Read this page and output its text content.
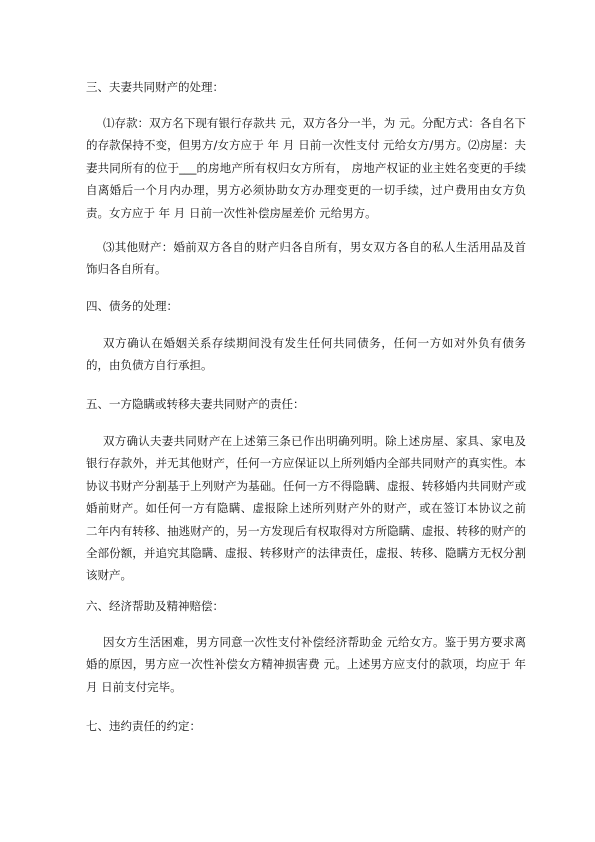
三、夫妻共同财产的处理：
⑴存款：双方名下现有银行存款共 元，双方各分一半，为 元。分配方式：各自名下的存款保持不变，但男方/女方应于 年 月 日前一次性支付 元给女方/男方。⑵房屋：夫妻共同所有的位于___的房地产所有权归女方所有， 房地产权证的业主姓名变更的手续自离婚后一个月内办理，男方必须协助女方办理变更的一切手续，过户费用由女方负责。女方应于 年 月 日前一次性补偿房屋差价 元给男方。
⑶其他财产：婚前双方各自的财产归各自所有，男女双方各自的私人生活用品及首饰归各自所有。
四、债务的处理：
双方确认在婚姻关系存续期间没有发生任何共同债务，任何一方如对外负有债务的，由负债方自行承担。
五、一方隐瞒或转移夫妻共同财产的责任：
双方确认夫妻共同财产在上述第三条已作出明确列明。除上述房屋、家具、家电及银行存款外，并无其他财产，任何一方应保证以上所列婚内全部共同财产的真实性。本协议书财产分割基于上列财产为基础。任何一方不得隐瞒、虚报、转移婚内共同财产或婚前财产。如任何一方有隐瞒、虚报除上述所列财产外的财产，或在签订本协议之前 二年内有转移、抽逃财产的，另一方发现后有权取得对方所隐瞒、虚报、转移的财产的全部份额，并追究其隐瞒、虚报、转移财产的法律责任，虚报、转移、隐瞒方无权分割该财产。
六、经济帮助及精神赔偿：
因女方生活困难，男方同意一次性支付补偿经济帮助金 元给女方。鉴于男方要求离婚的原因，男方应一次性补偿女方精神损害费 元。上述男方应支付的款项，均应于 年 月 日前支付完毕。
七、违约责任的约定：
